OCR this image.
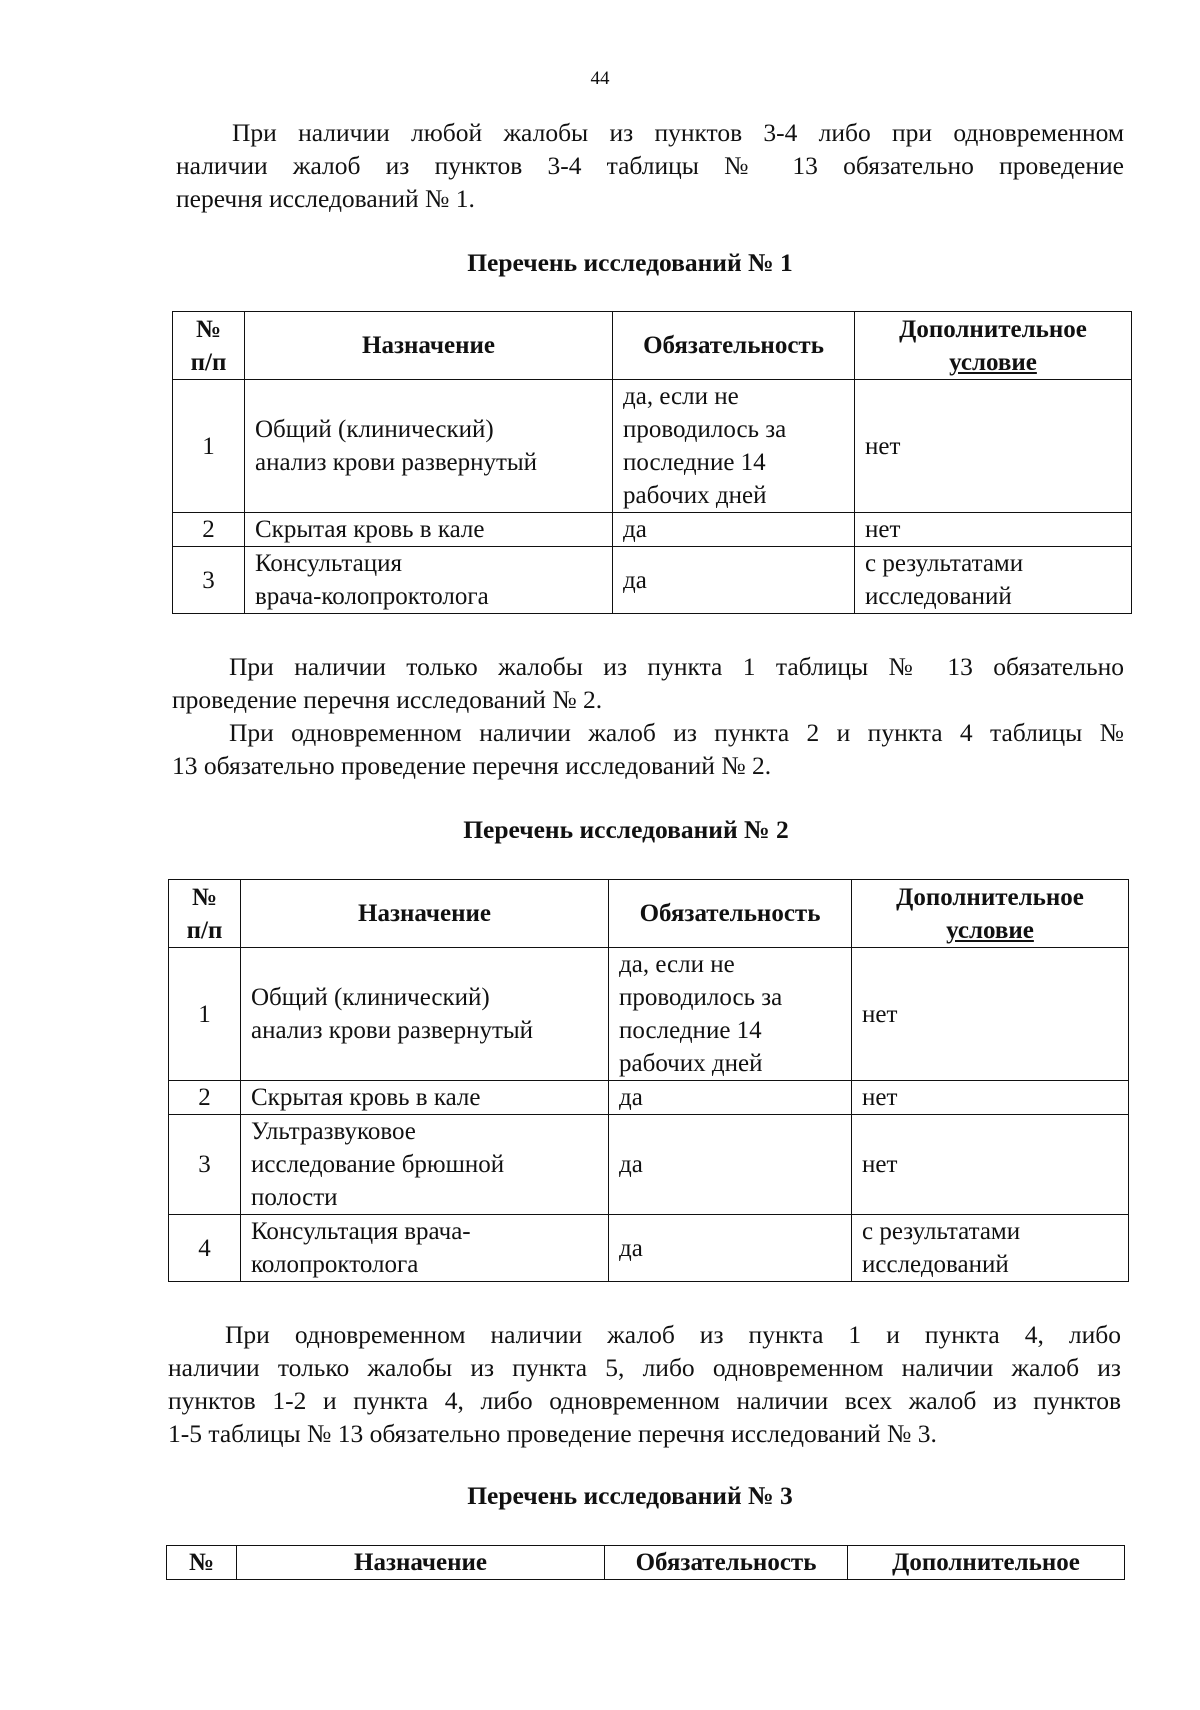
44
При наличии любой жалобы из пунктов 3-4 либо при одновременном
наличии жалоб из пунктов 3-4 таблицы № 13 обязательно проведение
перечня исследований № 1.
Перечень исследований № 1
№
п/п	Назначение	Обязательность	Дополнительное
условие
1	Общий (клинический)
анализ крови развернутый	да, если не
проводилось за
последние 14
рабочих дней	нет
2	Скрытая кровь в кале	да	нет
3	Консультация
врача-колопроктолога	да	с результатами
исследований
При наличии только жалобы из пункта 1 таблицы № 13 обязательно
проведение перечня исследований № 2.
При одновременном наличии жалоб из пункта 2 и пункта 4 таблицы №
13 обязательно проведение перечня исследований № 2.
Перечень исследований № 2
№
п/п	Назначение	Обязательность	Дополнительное
условие
1	Общий (клинический)
анализ крови развернутый	да, если не
проводилось за
последние 14
рабочих дней	нет
2	Скрытая кровь в кале	да	нет
3	Ультразвуковое
исследование брюшной
полости	да	нет
4	Консультация врача-
колопроктолога	да	с результатами
исследований
При одновременном наличии жалоб из пункта 1 и пункта 4, либо
наличии только жалобы из пункта 5, либо одновременном наличии жалоб из
пунктов 1-2 и пункта 4, либо одновременном наличии всех жалоб из пунктов
1-5 таблицы № 13 обязательно проведение перечня исследований № 3.
Перечень исследований № 3
№	Назначение	Обязательность	Дополнительное
